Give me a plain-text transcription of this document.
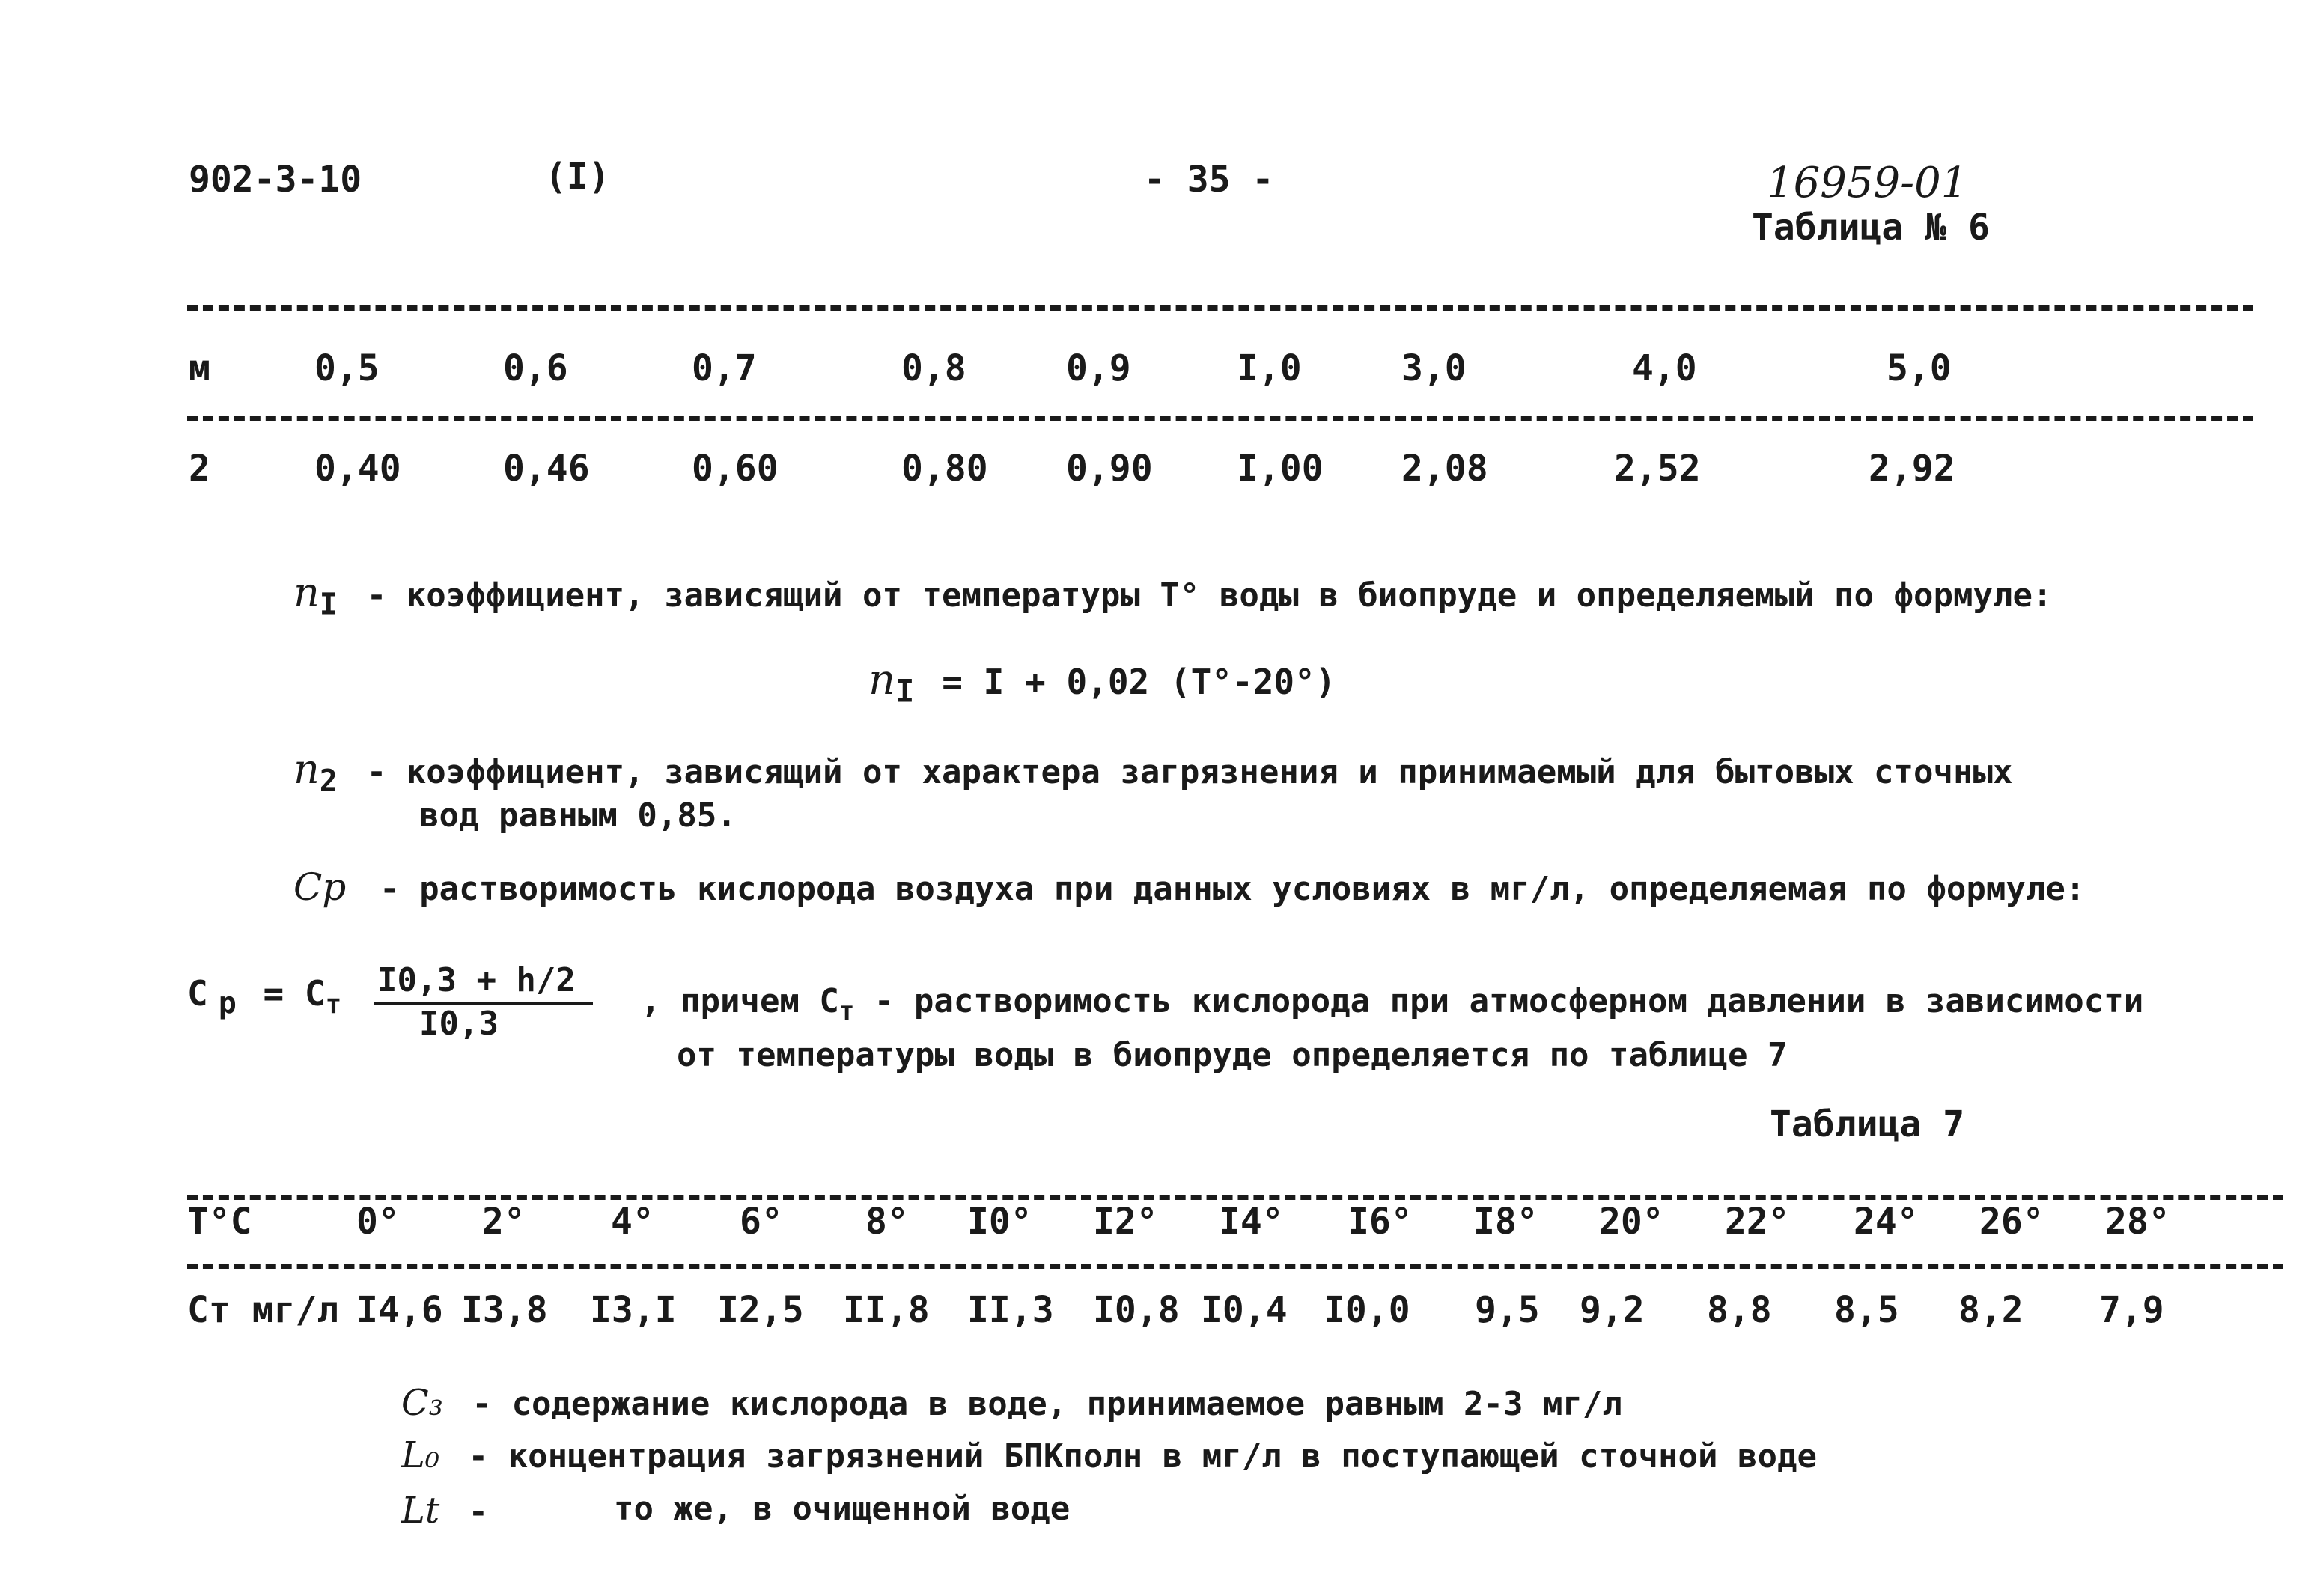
902-3-10	(I)	- 35 -	16959-01
Таблица № 6
м	0,5	0,6	0,7	0,8	0,9	I,0	3,0	4,0	5,0
2	0,40	0,46	0,60	0,80 0,90 I,00 2,08	2,52	2,92
$n_I$ - коэффициент, зависящий от температуры Т° воды в биопруде и определяемый по формуле:
$n_I = I + 0,02$ (Т°-20°)
$n_2$ - коэффициент, зависящий от характера загрязнения и принимаемый для бытовых сточных
вод равным 0,85.
Cp - растворимость кислорода воздуха при данных условиях в мг/л, определяемая по формуле:
C $_p = C_т$
I0,3 + h/2
I0,3
, причем $C_т$ - растворимость кислорода при атмосферном давлении в зависимости
от температуры воды в биопруде определяется по таблице 7
Таблица 7
Т°С	0° 2° 4° 6° 8° I0° I2° I4° I6° I8° 20° 22° 24° 26° 28°
Ст мг/л I4,6 I3,8 I3,I I2,5 II,8 II,3 I0,8 I0,4 I0,0 9,5 9,2 8,8 8,5 8,2 7,9
C₃ - содержание кислорода в воде, принимаемое равным 2-3 мг/л
L₀ - концентрация загрязнений БПКполн в мг/л в поступающей сточной воде
Lt -	то же, в очищенной воде
